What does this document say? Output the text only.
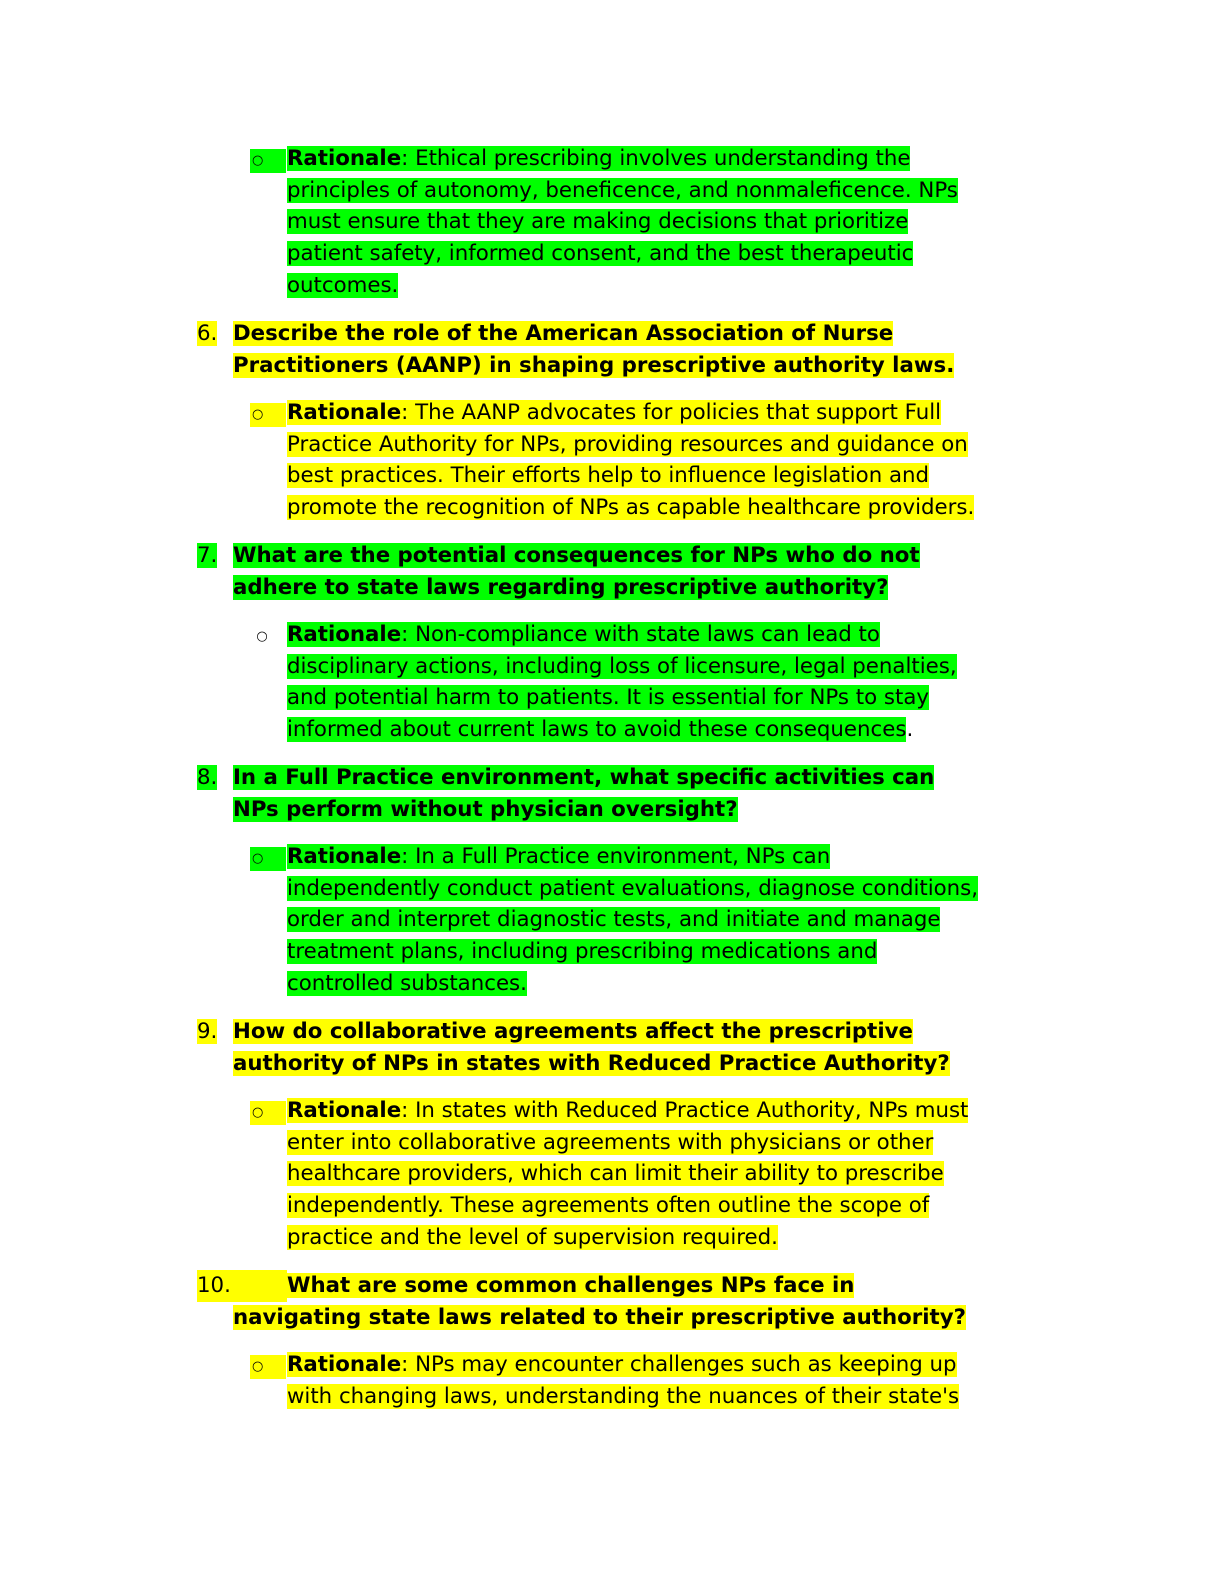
○	Rationale: Ethical prescribing involves understanding the
principles of autonomy, beneficence, and nonmaleficence. NPs
must ensure that they are making decisions that prioritize
patient safety, informed consent, and the best therapeutic
outcomes.
6. Describe the role of the American Association of Nurse
Practitioners (AANP) in shaping prescriptive authority laws.
○	Rationale: The AANP advocates for policies that support Full
Practice Authority for NPs, providing resources and guidance on
best practices. Their efforts help to influence legislation and
promote the recognition of NPs as capable healthcare providers.
7. What are the potential consequences for NPs who do not
adhere to state laws regarding prescriptive authority?
○ Rationale: Non-compliance with state laws can lead to
disciplinary actions, including loss of licensure, legal penalties,
and potential harm to patients. It is essential for NPs to stay
informed about current laws to avoid these consequences.
8. In a Full Practice environment, what specific activities can
NPs perform without physician oversight?
○	Rationale: In a Full Practice environment, NPs can
independently conduct patient evaluations, diagnose conditions,
order and interpret diagnostic tests, and initiate and manage
treatment plans, including prescribing medications and
controlled substances.
9. How do collaborative agreements affect the prescriptive
authority of NPs in states with Reduced Practice Authority?
○	Rationale: In states with Reduced Practice Authority, NPs must
enter into collaborative agreements with physicians or other
healthcare providers, which can limit their ability to prescribe
independently. These agreements often outline the scope of
practice and the level of supervision required.
10.	What are some common challenges NPs face in
navigating state laws related to their prescriptive authority?
○	Rationale: NPs may encounter challenges such as keeping up
with changing laws, understanding the nuances of their state's
